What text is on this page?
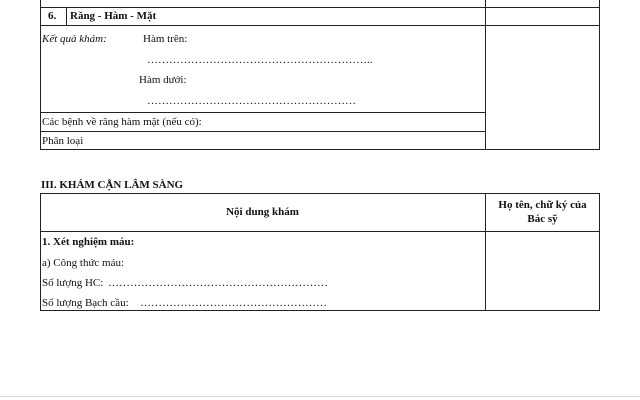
6. Răng - Hàm - Mặt
Kết quả khám:	Hàm trên:
……………………………………………………..
Hàm dưới:
…………………………………………………
Các bệnh về răng hàm mặt (nếu có):
Phân loại
III. KHÁM CẬN LÂM SÀNG
Nội dung khám
Họ tên, chữ ký của
Bác sỹ
1. Xét nghiệm máu:
a) Công thức máu:
Số lượng HC: ……………………………………………………
Số lượng Bạch cầu: ……………………………………………
